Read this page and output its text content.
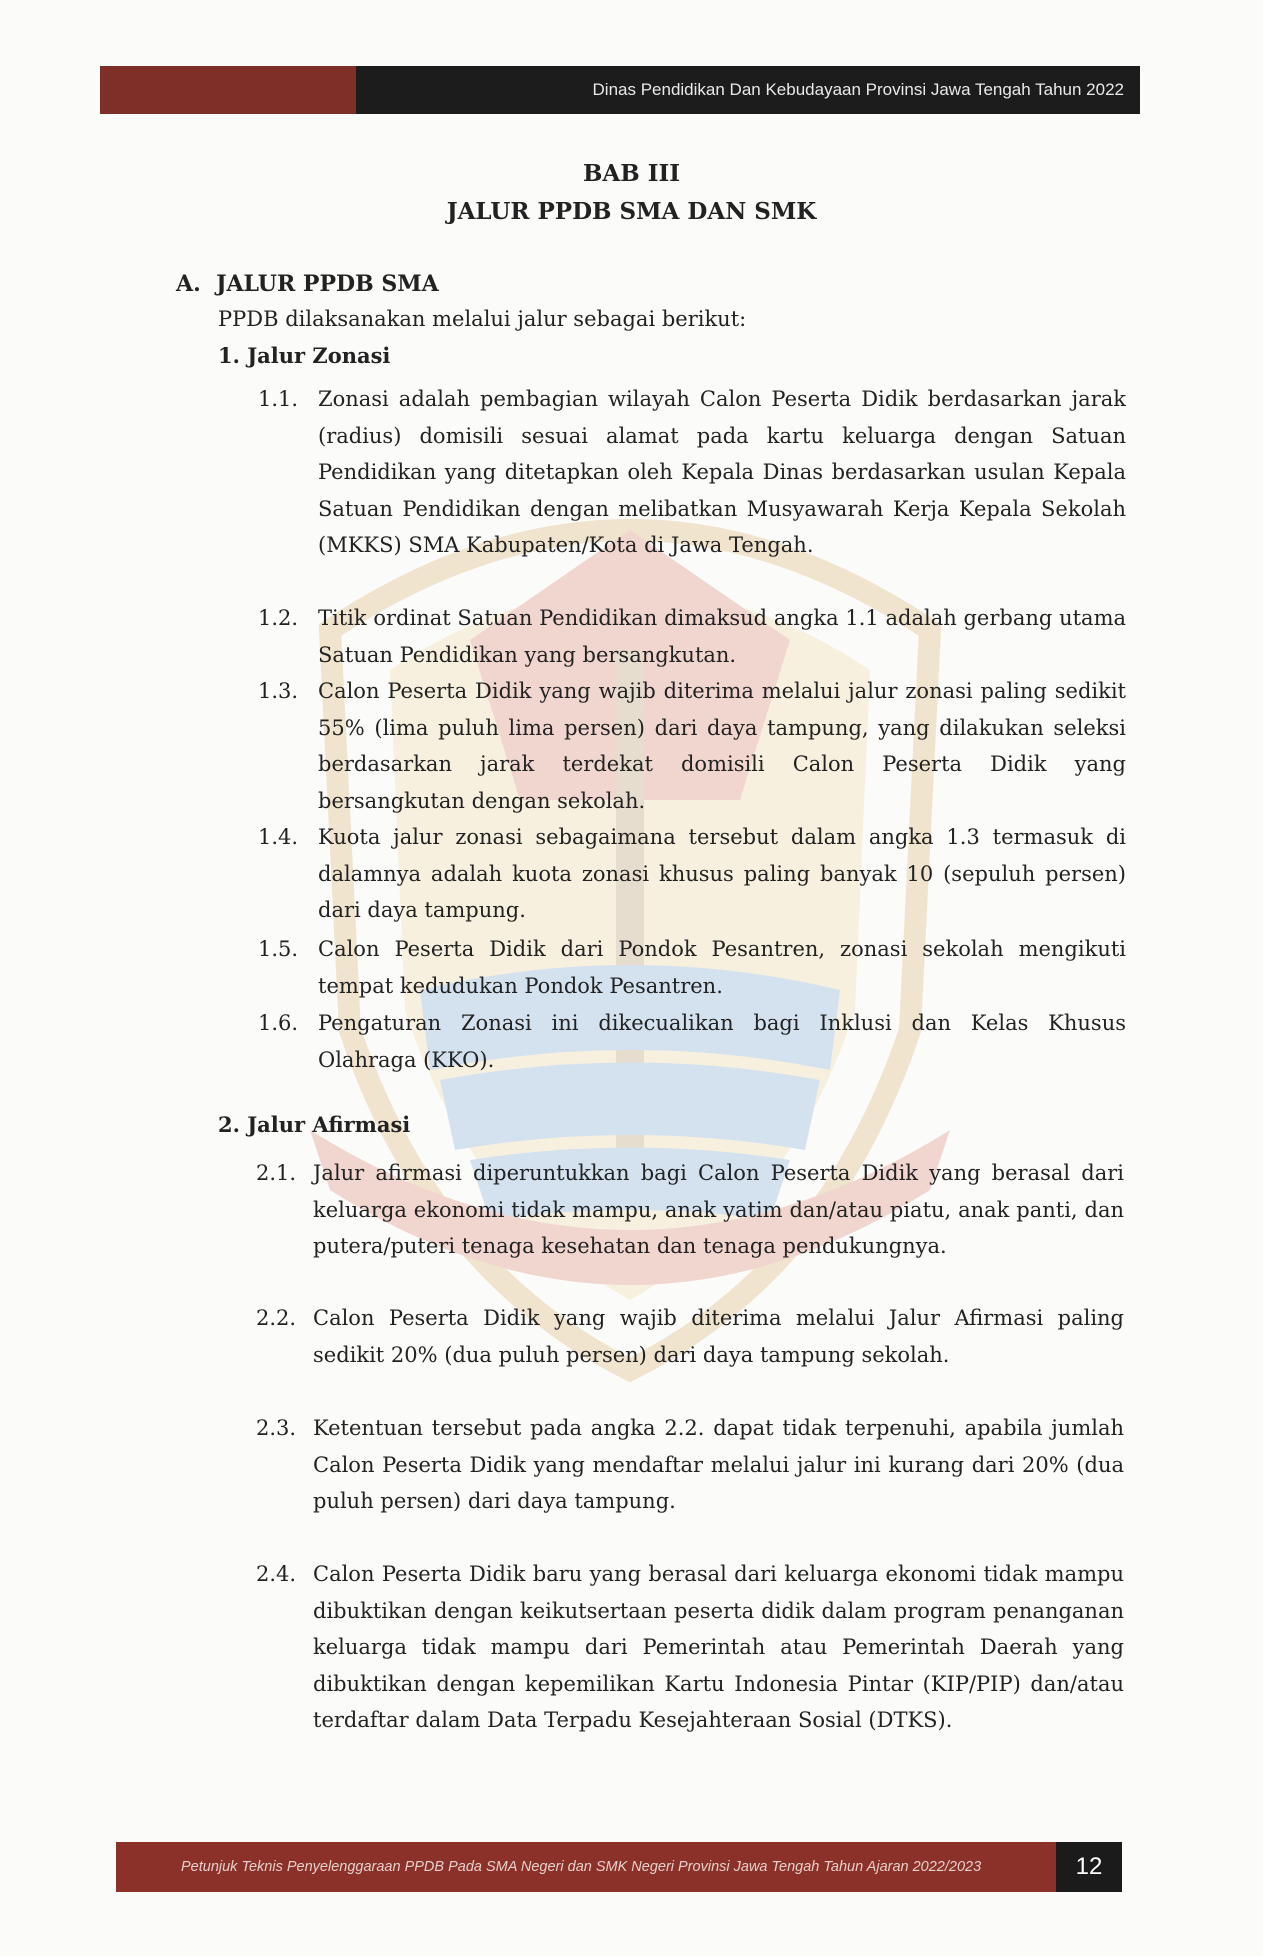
Dinas Pendidikan Dan Kebudayaan Provinsi Jawa Tengah Tahun 2022
BAB III
JALUR PPDB SMA DAN SMK
A. JALUR PPDB SMA
PPDB dilaksanakan melalui jalur sebagai berikut:
1. Jalur Zonasi
1.1. Zonasi adalah pembagian wilayah Calon Peserta Didik berdasarkan jarak (radius) domisili sesuai alamat pada kartu keluarga dengan Satuan Pendidikan yang ditetapkan oleh Kepala Dinas berdasarkan usulan Kepala Satuan Pendidikan dengan melibatkan Musyawarah Kerja Kepala Sekolah (MKKS) SMA Kabupaten/Kota di Jawa Tengah.
1.2. Titik ordinat Satuan Pendidikan dimaksud angka 1.1 adalah gerbang utama Satuan Pendidikan yang bersangkutan.
1.3. Calon Peserta Didik yang wajib diterima melalui jalur zonasi paling sedikit 55% (lima puluh lima persen) dari daya tampung, yang dilakukan seleksi berdasarkan jarak terdekat domisili Calon Peserta Didik yang bersangkutan dengan sekolah.
1.4. Kuota jalur zonasi sebagaimana tersebut dalam angka 1.3 termasuk di dalamnya adalah kuota zonasi khusus paling banyak 10 (sepuluh persen) dari daya tampung.
1.5. Calon Peserta Didik dari Pondok Pesantren, zonasi sekolah mengikuti tempat kedudukan Pondok Pesantren.
1.6. Pengaturan Zonasi ini dikecualikan bagi Inklusi dan Kelas Khusus Olahraga (KKO).
2. Jalur Afirmasi
2.1. Jalur afirmasi diperuntukkan bagi Calon Peserta Didik yang berasal dari keluarga ekonomi tidak mampu, anak yatim dan/atau piatu, anak panti, dan putera/puteri tenaga kesehatan dan tenaga pendukungnya.
2.2. Calon Peserta Didik yang wajib diterima melalui Jalur Afirmasi paling sedikit 20% (dua puluh persen) dari daya tampung sekolah.
2.3. Ketentuan tersebut pada angka 2.2. dapat tidak terpenuhi, apabila jumlah Calon Peserta Didik yang mendaftar melalui jalur ini kurang dari 20% (dua puluh persen) dari daya tampung.
2.4. Calon Peserta Didik baru yang berasal dari keluarga ekonomi tidak mampu dibuktikan dengan keikutsertaan peserta didik dalam program penanganan keluarga tidak mampu dari Pemerintah atau Pemerintah Daerah yang dibuktikan dengan kepemilikan Kartu Indonesia Pintar (KIP/PIP) dan/atau terdaftar dalam Data Terpadu Kesejahteraan Sosial (DTKS).
Petunjuk Teknis Penyelenggaraan PPDB Pada SMA Negeri dan SMK Negeri Provinsi Jawa Tengah Tahun Ajaran 2022/2023	12
